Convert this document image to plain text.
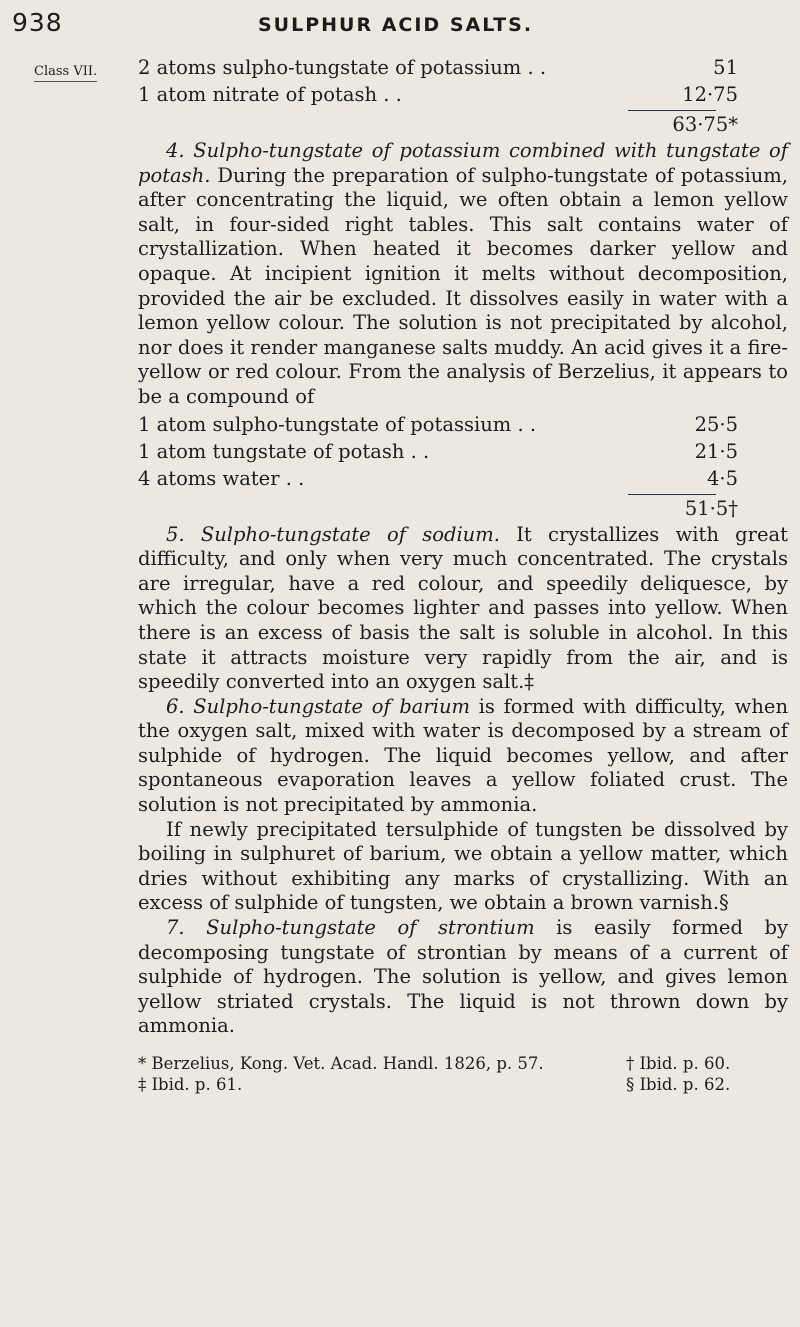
938	SULPHUR ACID SALTS.
Class VII. 2 atoms sulpho-tungstate of potassium . .	51
1 atom nitrate of potash . .	12·75
63·75*

4. Sulpho-tungstate of potassium combined with tungstate of potash. During the preparation of sulpho-tungstate of potassium, after concentrating the liquid, we often obtain a lemon yellow salt, in four-sided right tables. This salt contains water of crystallization. When heated it becomes darker yellow and opaque. At incipient ignition it melts without decomposition, provided the air be excluded. It dissolves easily in water with a lemon yellow colour. The solution is not precipitated by alcohol, nor does it render manganese salts muddy. An acid gives it a fire-yellow or red colour. From the analysis of Berzelius, it appears to be a compound of

1 atom sulpho-tungstate of potassium . .	25·5
1 atom tungstate of potash . .	21·5
4 atoms water . .	4·5
51·5†

5. Sulpho-tungstate of sodium. It crystallizes with great difficulty, and only when very much concentrated. The crystals are irregular, have a red colour, and speedily deliquesce, by which the colour becomes lighter and passes into yellow. When there is an excess of basis the salt is soluble in alcohol. In this state it attracts moisture very rapidly from the air, and is speedily converted into an oxygen salt.‡

6. Sulpho-tungstate of barium is formed with difficulty, when the oxygen salt, mixed with water is decomposed by a stream of sulphide of hydrogen. The liquid becomes yellow, and after spontaneous evaporation leaves a yellow foliated crust. The solution is not precipitated by ammonia.

If newly precipitated tersulphide of tungsten be dissolved by boiling in sulphuret of barium, we obtain a yellow matter, which dries without exhibiting any marks of crystallizing. With an excess of sulphide of tungsten, we obtain a brown varnish.§

7. Sulpho-tungstate of strontium is easily formed by decomposing tungstate of strontian by means of a current of sulphide of hydrogen. The solution is yellow, and gives lemon yellow striated crystals. The liquid is not thrown down by ammonia.

* Berzelius, Kong. Vet. Acad. Handl. 1826, p. 57.	† Ibid. p. 60.
‡ Ibid. p. 61.	§ Ibid. p. 62.
